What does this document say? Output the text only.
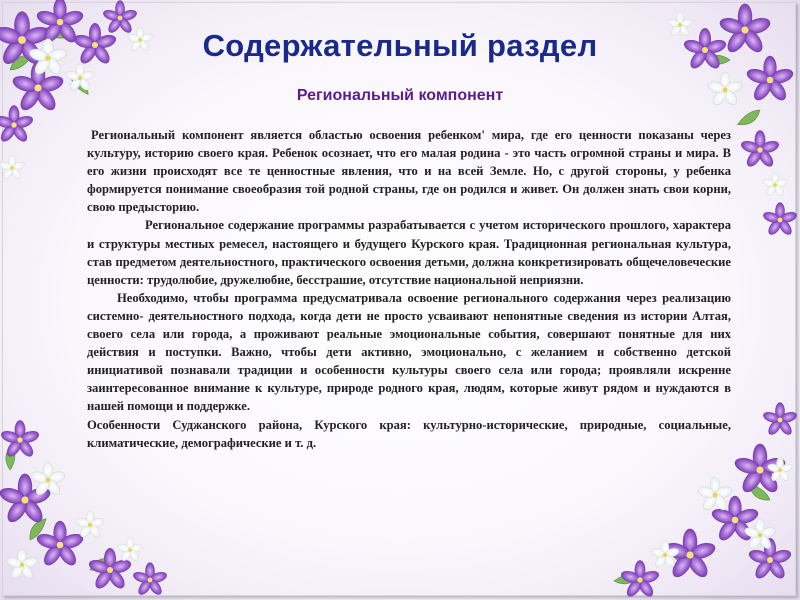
Содержательный раздел
Региональный компонент

Региональный компонент является областью освоения ребенком' мира, где его ценности показаны через культуру, историю своего края. Ребенок осознает, что его малая родина - это часть огромной страны и мира. В его жизни происходят все те ценностные явления, что и на всей Земле. Но, с другой стороны, у ребенка формируется понимание своеобразия той родной страны, где он родился и живет. Он должен знать свои корни, свою предысторию.

Региональное содержание программы разрабатывается с учетом исторического прошлого, характера и структуры местных ремесел, настоящего и будущего Курского края. Традиционная региональная культура, став предметом деятельностного, практического освоения детьми, должна конкретизировать общечеловеческие ценности: трудолюбие, дружелюбие, бесстрашие, отсутствие национальной неприязни.

Необходимо, чтобы программа предусматривала освоение регионального содержания через реализацию системно- деятельностного подхода, когда дети не просто усваивают непонятные сведения из истории Алтая, своего села или города, а проживают реальные эмоциональные события, совершают понятные для них действия и поступки. Важно, чтобы дети активно, эмоционально, с желанием и собственно детской инициативой познавали традиции и особенности культуры своего села или города; проявляли искренне заинтересованное внимание к культуре, природе родного края, людям, которые живут рядом и нуждаются в нашей помощи и поддержке.

Особенности Суджанского района, Курского края: культурно-исторические, природные, социальные, климатические, демографические и т. д.
